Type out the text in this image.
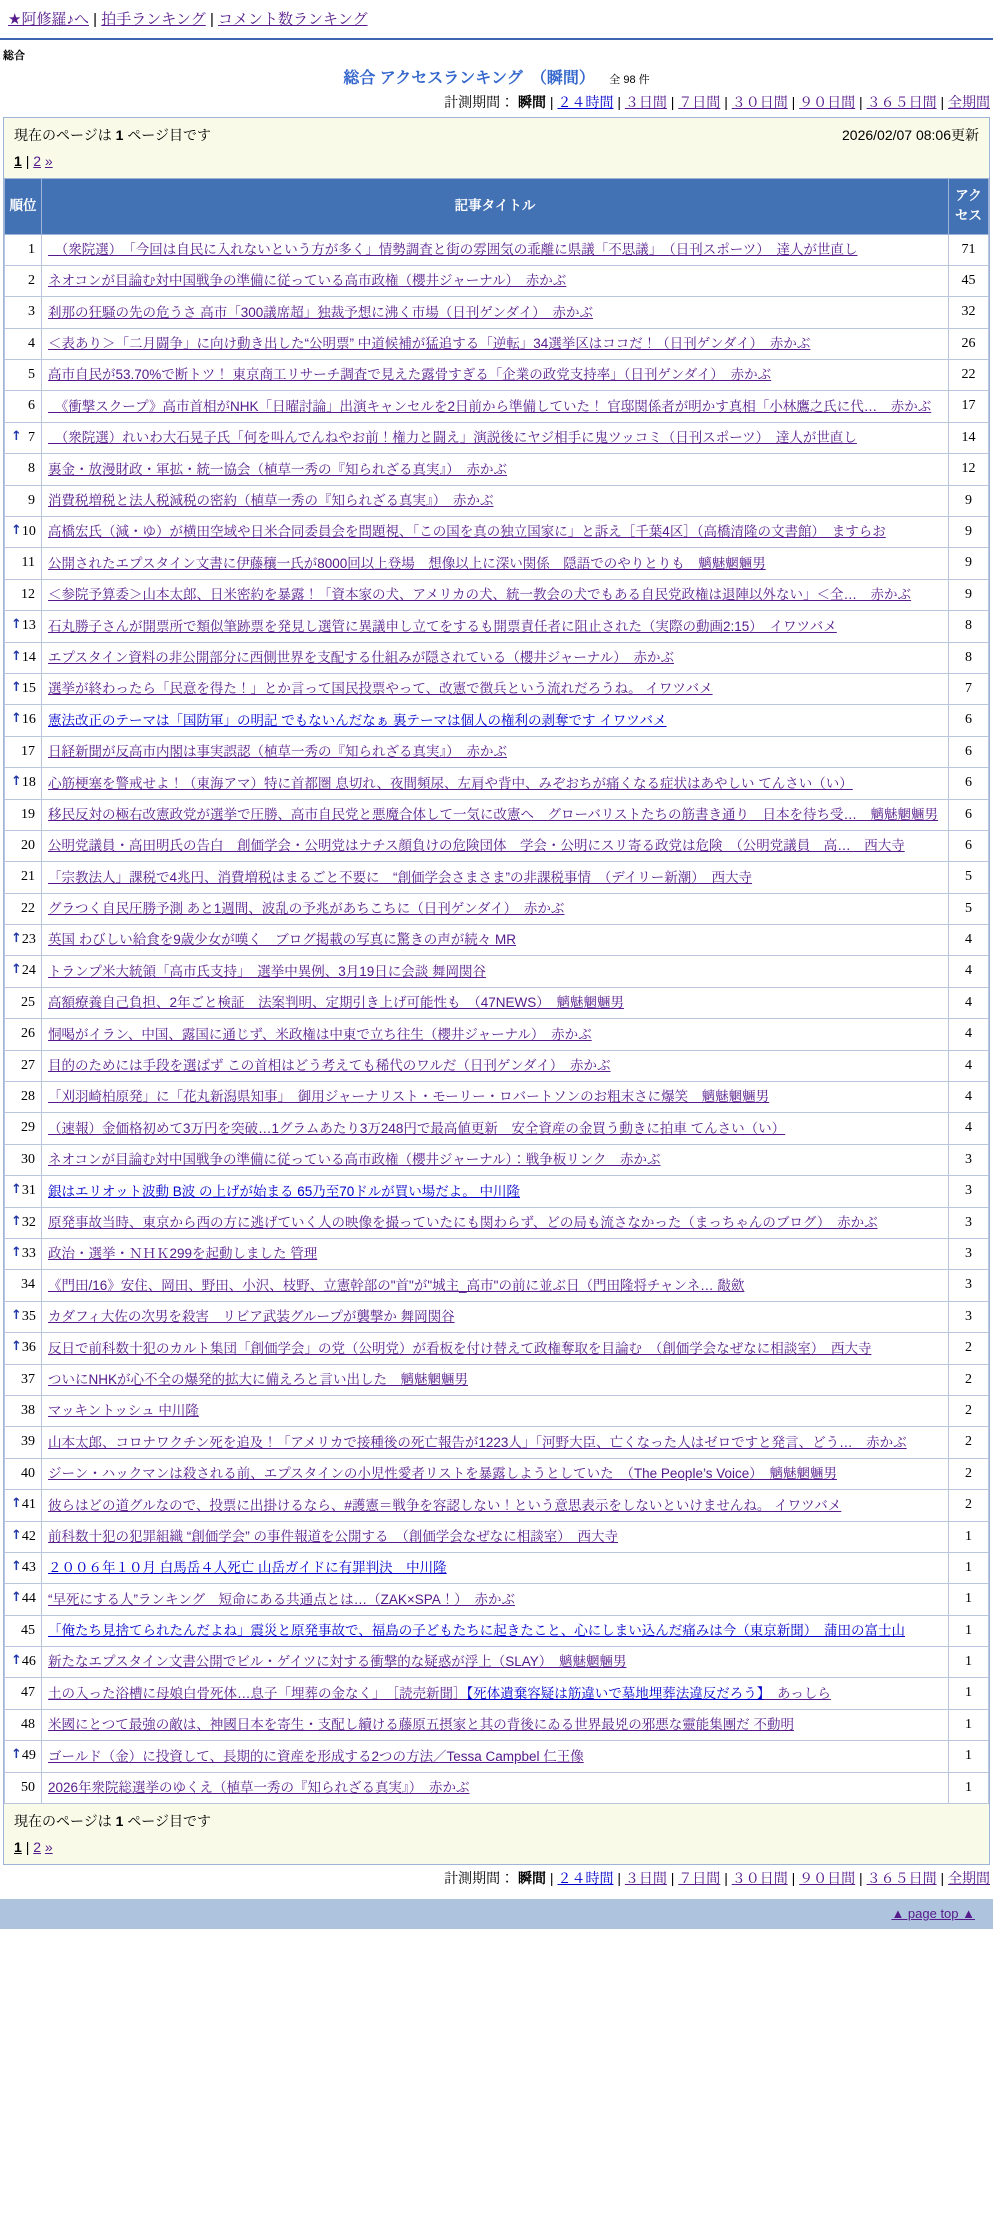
★阿修羅♪へ | 拍手ランキング | コメント数ランキング
総合
総合 アクセスランキング　（瞬間） 全 98 件
計測期間： 瞬間 | ２４時間 | ３日間 | ７日間 | ３０日間 | ９０日間 | ３６５日間 | 全期間
2026/02/07 08:06更新
現在のページは 1 ページ目です
1 | 2 »
順位	記事タイトル	アクセス
1	　（衆院選）　「今回は自民に入れないという方が多く」情勢調査と街の雰囲気の乖離に県議「不思議」　（日刊スポーツ）　達人が世直し	71
2	ネオコンが目論む対中国戦争の準備に従っている高市政権（櫻井ジャーナル）　赤かぶ	45
3	刹那の狂騒の先の危うさ 高市「300議席超」独裁予想に沸く市場（日刊ゲンダイ）　赤かぶ	32
4	＜表あり＞「二月闘争」に向け動き出した“公明票” 中道候補が猛追する「逆転」34選挙区はココだ！（日刊ゲンダイ）　赤かぶ	26
5	高市自民が53.70%で断トツ！ 東京商工リサーチ調査で見えた露骨すぎる「企業の政党支持率」（日刊ゲンダイ）　赤かぶ	22
6	　《衝撃スクープ》高市首相がNHK「日曜討論」出演キャンセルを2日前から準備していた！ 官邸関係者が明かす真相「小林鷹之氏に代…　赤かぶ	17

↑ 7	　（衆院選）れいわ大石晃子氏「何を叫んでんねやお前！権力と闘え」演説後にヤジ相手に鬼ツッコミ（日刊スポーツ）　達人が世直し	14
8	裏金・放漫財政・軍拡・統一協会（植草一秀の『知られざる真実』）　赤かぶ	12
9	消費税増税と法人税減税の密約（植草一秀の『知られざる真実』）　赤かぶ	9

↑ 10	高橋宏氏（減・ゆ）が横田空域や日米合同委員会を問題視、「この国を真の独立国家に」と訴え［千葉4区］（高橋清隆の文書館）　ますらお	9
11	公開されたエプスタイン文書に伊藤穰一氏が8000回以上登場　想像以上に深い関係　隠語でのやりとりも　魑魅魍魎男	9
12	＜参院予算委＞山本太郎、日米密約を暴露！「資本家の犬、アメリカの犬、統一教会の犬でもある自民党政権は退陣以外ない」＜全…　赤かぶ	9

↑ 13	石丸勝子さんが開票所で類似筆跡票を発見し選管に異議申し立てをするも開票責任者に阻止された（実際の動画2:15）　イワツバメ	8

↑ 14	エプスタイン資料の非公開部分に西側世界を支配する仕組みが隠されている（櫻井ジャーナル）　赤かぶ	8

↑ 15	選挙が終わったら「民意を得た！」とか言って国民投票やって、改憲で徴兵という流れだろうね。 イワツバメ	7

↑ 16	憲法改正のテーマは「国防軍」の明記 でもないんだなぁ 裏テーマは個人の権利の剥奪です イワツバメ	6
17	日経新聞が反高市内閣は事実誤認（植草一秀の『知られざる真実』）　赤かぶ	6

↑ 18	心筋梗塞を警戒せよ！（東海アマ）特に首都圏 息切れ、夜間頻尿、左肩や背中、みぞおちが痛くなる症状はあやしい てんさい（い）	6
19	移民反対の極右改憲政党が選挙で圧勝、高市自民党と悪魔合体して一気に改憲へ　グローバリストたちの筋書き通り　日本を待ち受…　魑魅魍魎男	6
20	公明党議員・高田明氏の告白　創価学会・公明党はナチス顔負けの危険団体　学会・公明にスリ寄る政党は危険　（公明党議員　高…　西大寺	6
21	「宗教法人」課税で4兆円、消費増税はまるごと不要に　“創価学会さまさま”の非課税事情　（デイリー新潮）　西大寺	5
22	グラつく自民圧勝予測 あと1週間、波乱の予兆があちこちに（日刊ゲンダイ）　赤かぶ	5

↑ 23	英国 わびしい給食を9歳少女が嘆く　ブログ掲載の写真に驚きの声が続々 MR	4

↑ 24	トランプ米大統領「高市氏支持」　選挙中異例、3月19日に会談 舞岡関谷	4
25	高額療養自己負担、2年ごと検証　法案判明、定期引き上げ可能性も　（47NEWS）　魑魅魍魎男	4
26	恫喝がイラン、中国、露国に通じず、米政権は中東で立ち往生（櫻井ジャーナル）　赤かぶ	4
27	目的のためには手段を選ばず この首相はどう考えても稀代のワルだ（日刊ゲンダイ）　赤かぶ	4
28	「刈羽崎柏原発」に「花丸新潟県知事」　御用ジャーナリスト・モーリー・ロバートソンのお粗末さに爆笑　魑魅魍魎男	4
29	（速報）金価格初めて3万円を突破…1グラムあたり3万248円で最高値更新　安全資産の金買う動きに拍車 てんさい（い）	4
30	ネオコンが目論む対中国戦争の準備に従っている高市政権（櫻井ジャーナル）：戦争板リンク　赤かぶ	3

↑ 31	銀はエリオット波動 B波 の上げが始まる 65乃至70ドルが買い場だよ。 中川隆	3

↑ 32	原発事故当時、東京から西の方に逃げていく人の映像を撮っていたにも関わらず、どの局も流さなかった（まっちゃんのブログ）　赤かぶ	3

↑ 33	政治・選挙・ＮＨＫ299を起動しました 管理	3
34	《門田/16》安住、岡田、野田、小沢、枝野、立憲幹部の"首"が"城主_高市"の前に並ぶ日（門田隆将チャンネ… 敽歛	3

↑ 35	カダフィ大佐の次男を殺害　リビア武装グループが襲撃か 舞岡関谷	3

↑ 36	反日で前科数十犯のカルト集団「創価学会」の党（公明党）が看板を付け替えて政権奪取を目論む　（創価学会なぜなに相談室）　西大寺	2
37	ついにNHKが心不全の爆発的拡大に備えろと言い出した　魑魅魍魎男	2
38	マッキントッシュ 中川隆	2
39	山本太郎、コロナワクチン死を追及！「アメリカで接種後の死亡報告が1223人」「河野大臣、亡くなった人はゼロですと発言、どう…　赤かぶ	2
40	ジーン・ハックマンは殺される前、エプスタインの小児性愛者リストを暴露しようとしていた　（The People’s Voice）　魑魅魍魎男	2

↑ 41	彼らはどの道グルなので、投票に出掛けるなら、#護憲＝戦争を容認しない！という意思表示をしないといけませんね。 イワツバメ	2

↑ 42	前科数十犯の犯罪組織 “創価学会” の事件報道を公開する　（創価学会なぜなに相談室）　西大寺	1

↑ 43	２００６年１０月 白馬岳４人死亡 山岳ガイドに有罪判決　中川隆	1

↑ 44	“早死にする人”ランキング　短命にある共通点とは…（ZAK×SPA！）　赤かぶ	1
45	「俺たち見捨てられたんだよね」震災と原発事故で、福島の子どもたちに起きたこと、心にしまい込んだ痛みは今（東京新聞）　蒲田の富士山	1

↑ 46	新たなエプスタイン文書公開でビル・ゲイツに対する衝撃的な疑惑が浮上（SLAY）　魑魅魍魎男	1
47	土の入った浴槽に母娘白骨死体…息子「埋葬の金なく」　［読売新聞］【死体遺棄容疑は筋違いで墓地埋葬法違反だろう】　あっしら	1
48	米國にとつて最強の敵は、神國日本を寄生・支配し續ける藤原五摂家と其の背後にゐる世界最兇の邪悪な靈能集團だ 不動明	1

↑ 49	ゴールド（金）に投資して、長期的に資産を形成する2つの方法／Tessa Campbel 仁王像	1
50	2026年衆院総選挙のゆくえ（植草一秀の『知られざる真実』）　赤かぶ	1
現在のページは 1 ページ目です
1 | 2 »
計測期間： 瞬間 | ２４時間 | ３日間 | ７日間 | ３０日間 | ９０日間 | ３６５日間 | 全期間
▲ page top ▲
